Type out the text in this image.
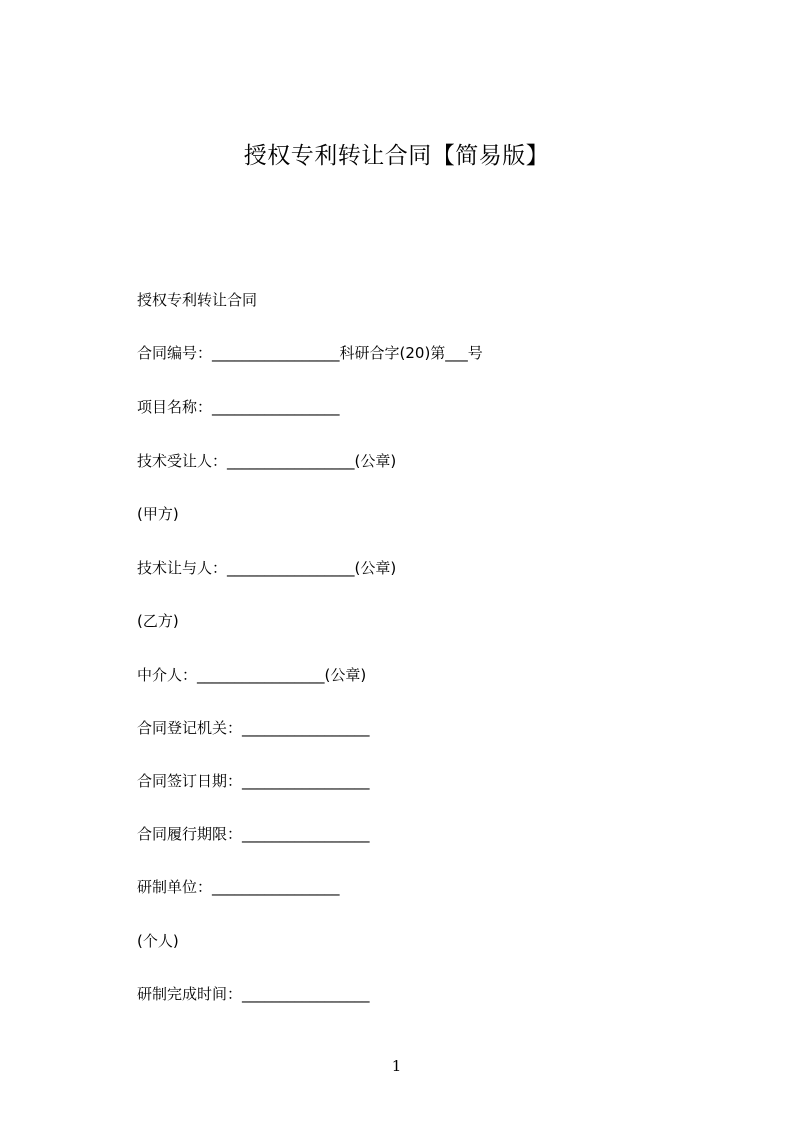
授权专利转让合同【简易版】
授权专利转让合同
合同编号：_________________科研合字(20)第___号
项目名称：_________________
技术受让人：_________________(公章)
(甲方)
技术让与人：_________________(公章)
(乙方)
中介人：_________________(公章)
合同登记机关：_________________
合同签订日期：_________________
合同履行期限：_________________
研制单位：_________________
(个人)
研制完成时间：_________________
1
